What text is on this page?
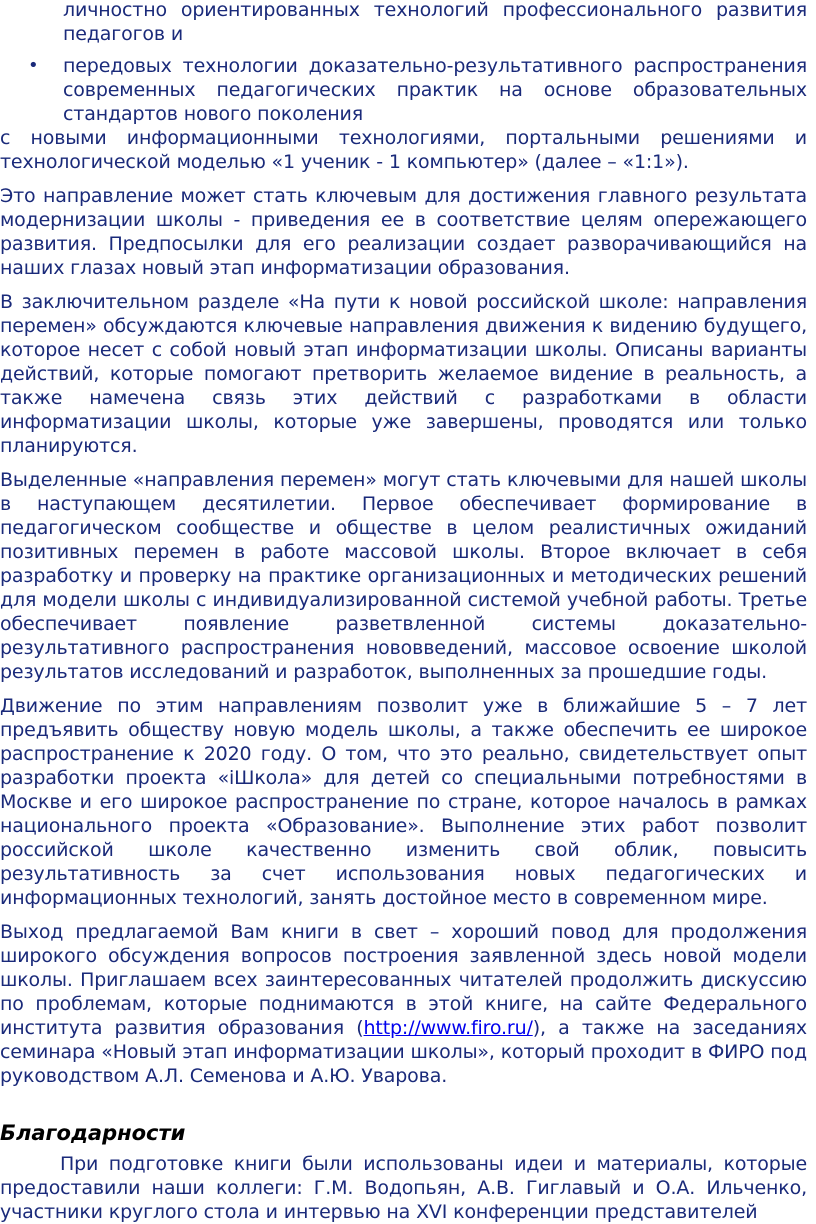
личностно ориентированных технологий профессионального развития педагогов и

• передовых технологии доказательно-результативного распространения современных педагогических практик на основе образовательных стандартов нового поколения

с новыми информационными технологиями, портальными решениями и технологической моделью «1 ученик - 1 компьютер» (далее – «1:1»).

Это направление может стать ключевым для достижения главного результата модернизации школы - приведения ее в соответствие целям опережающего развития. Предпосылки для его реализации создает разворачивающийся на наших глазах новый этап информатизации образования.

В заключительном разделе «На пути к новой российской школе: направления перемен» обсуждаются ключевые направления движения к видению будущего, которое несет с собой новый этап информатизации школы. Описаны варианты действий, которые помогают претворить желаемое видение в реальность, а также намечена связь этих действий с разработками в области информатизации школы, которые уже завершены, проводятся или только планируются.

Выделенные «направления перемен» могут стать ключевыми для нашей школы в наступающем десятилетии. Первое обеспечивает формирование в педагогическом сообществе и обществе в целом реалистичных ожиданий позитивных перемен в работе массовой школы. Второе включает в себя разработку и проверку на практике организационных и методических решений для модели школы с индивидуализированной системой учебной работы. Третье обеспечивает появление разветвленной системы доказательно-результативного распространения нововведений, массовое освоение школой результатов исследований и разработок, выполненных за прошедшие годы.

Движение по этим направлениям позволит уже в ближайшие 5 – 7 лет предъявить обществу новую модель школы, а также обеспечить ее широкое распространение к 2020 году. О том, что это реально, свидетельствует опыт разработки проекта «iШкола» для детей со специальными потребностями в Москве и его широкое распространение по стране, которое началось в рамках национального проекта «Образование». Выполнение этих работ позволит российской школе качественно изменить свой облик, повысить результативность за счет использования новых педагогических и информационных технологий, занять достойное место в современном мире.

Выход предлагаемой Вам книги в свет – хороший повод для продолжения широкого обсуждения вопросов построения заявленной здесь новой модели школы. Приглашаем всех заинтересованных читателей продолжить дискуссию по проблемам, которые поднимаются в этой книге, на сайте Федерального института развития образования (http://www.firo.ru/), а также на заседаниях семинара «Новый этап информатизации школы», который проходит в ФИРО под руководством А.Л. Семенова и А.Ю. Уварова.

Благодарности

При подготовке книги были использованы идеи и материалы, которые предоставили наши коллеги: Г.М. Водопьян, А.В. Гиглавый и О.А. Ильченко, участники круглого стола и интервью на XVI конференции представителей
